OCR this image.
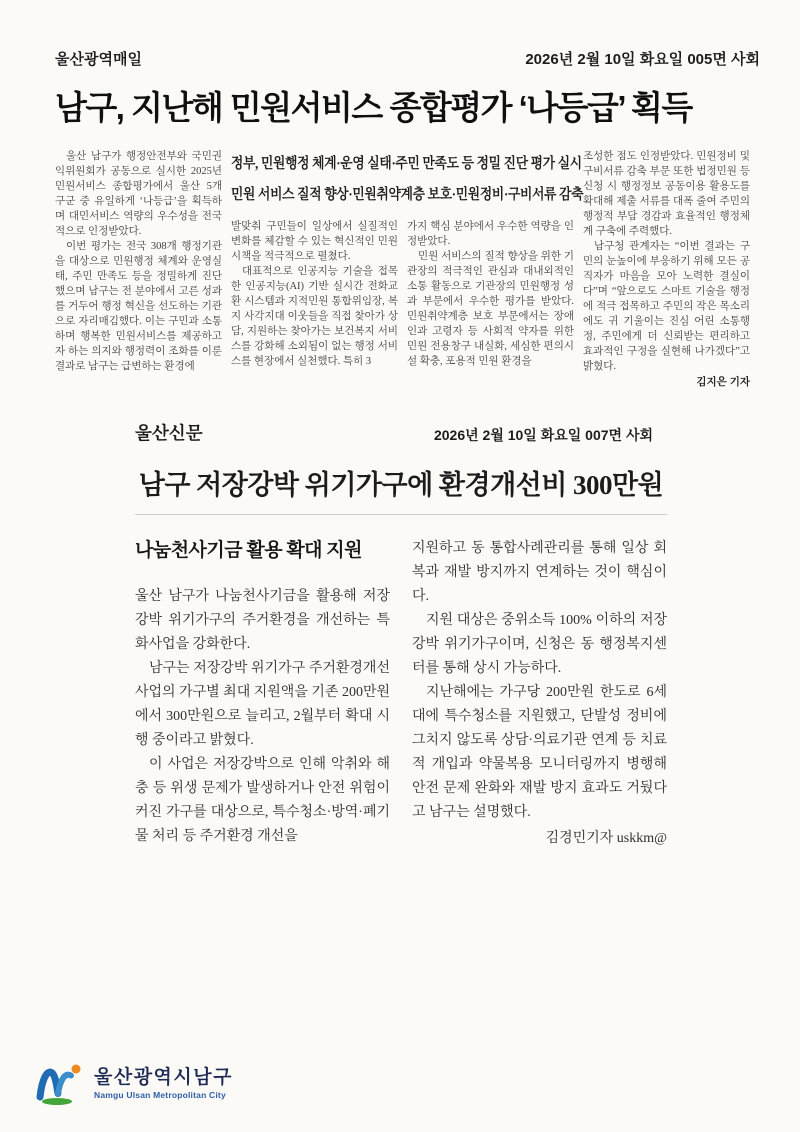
울산광역매일	2026년 2월 10일 화요일 005면 사회
남구, 지난해 민원서비스 종합평가 ‘나등급’ 획득

울산 남구가 행정안전부와 국민권익위원회가 공동으로 실시한 2025년 민원서비스 종합평가에서 울산 5개 구군 중 유일하게 ‘나등급’을 획득하며 대민서비스 역량의 우수성을 전국적으로 인정받았다.

이번 평가는 전국 308개 행정기관을 대상으로 민원행정 체계와 운영실태, 주민 만족도 등을 정밀하게 진단했으며 남구는 전 분야에서 고른 성과를 거두어 행정 혁신을 선도하는 기관으로 자리매김했다. 이는 구민과 소통하며 행복한 민원서비스를 제공하고자 하는 의지와 행정력이 조화를 이룬 결과로 남구는 급변하는 환경에

정부, 민원행정 체계·운영 실태·주민 만족도 등 정밀 진단 평가 실시
민원 서비스 질적 향상·민원취약계층 보호·민원정비·구비서류 감축

발맞춰 구민들이 일상에서 실질적인 변화를 체감할 수 있는 혁신적인 민원 시책을 적극적으로 펼쳤다.

대표적으로 인공지능 기술을 접목한 인공지능(AI) 기반 실시간 전화교환 시스템과 지적민원 통합위임장, 복지 사각지대 이웃들을 직접 찾아가 상담, 지원하는 찾아가는 보건복지 서비스를 강화해 소외됨이 없는 행정 서비스를 현장에서 실천했다. 특히 3

가지 핵심 분야에서 우수한 역량을 인정받았다.

민원 서비스의 질적 향상을 위한 기관장의 적극적인 관심과 대내외적인 소통 활동으로 기관장의 민원행정 성과 부문에서 우수한 평가를 받았다. 민원취약계층 보호 부문에서는 장애인과 고령자 등 사회적 약자를 위한 민원 전용창구 내실화, 세심한 편의시설 확충, 포용적 민원 환경을

조성한 점도 인정받았다. 민원정비 및 구비서류 감축 부문 또한 법정민원 등 신청 시 행정정보 공동이용 활용도를 확대해 제출 서류를 대폭 줄여 주민의 행정적 부담 경감과 효율적인 행정체계 구축에 주력했다.

남구청 관계자는 “이번 결과는 구민의 눈높이에 부응하기 위해 모든 공직자가 마음을 모아 노력한 결실이다”며 “앞으로도 스마트 기술을 행정에 적극 접목하고 주민의 작은 목소리에도 귀 기울이는 진심 어린 소통행정, 주민에게 더 신뢰받는 편리하고 효과적인 구정을 실현해 나가겠다”고 밝혔다.

김지은 기자

울산신문	2026년 2월 10일 화요일 007면 사회
남구 저장강박 위기가구에 환경개선비 300만원
나눔천사기금 활용 확대 지원

울산 남구가 나눔천사기금을 활용해 저장강박 위기가구의 주거환경을 개선하는 특화사업을 강화한다.

남구는 저장강박 위기가구 주거환경개선사업의 가구별 최대 지원액을 기존 200만원에서 300만원으로 늘리고, 2월부터 확대 시행 중이라고 밝혔다.

이 사업은 저장강박으로 인해 악취와 해충 등 위생 문제가 발생하거나 안전 위험이 커진 가구를 대상으로, 특수청소·방역·폐기물 처리 등 주거환경 개선을

지원하고 동 통합사례관리를 통해 일상 회복과 재발 방지까지 연계하는 것이 핵심이다.

지원 대상은 중위소득 100% 이하의 저장강박 위기가구이며, 신청은 동 행정복지센터를 통해 상시 가능하다.

지난해에는 가구당 200만원 한도로 6세대에 특수청소를 지원했고, 단발성 정비에 그치지 않도록 상담·의료기관 연계 등 치료적 개입과 약물복용 모니터링까지 병행해 안전 문제 완화와 재발 방지 효과도 거뒀다고 남구는 설명했다.

김경민기자 uskkm@

울산광역시남구
Namgu Ulsan Metropolitan City
